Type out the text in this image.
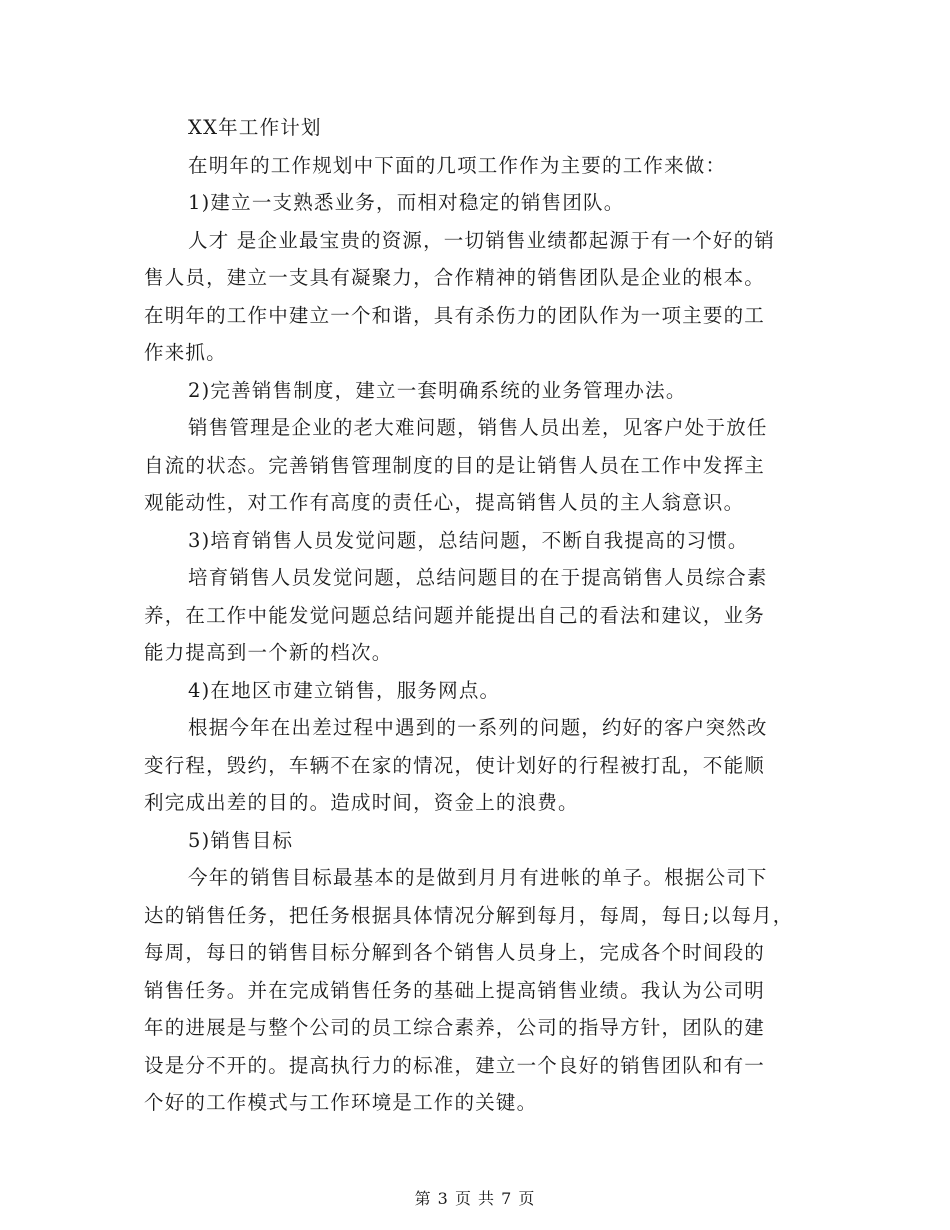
XX年工作计划
在明年的工作规划中下面的几项工作作为主要的工作来做：
1)建立一支熟悉业务，而相对稳定的销售团队。
人才 是企业最宝贵的资源，一切销售业绩都起源于有一个好的销
售人员，建立一支具有凝聚力，合作精神的销售团队是企业的根本。
在明年的工作中建立一个和谐，具有杀伤力的团队作为一项主要的工
作来抓。
2)完善销售制度，建立一套明确系统的业务管理办法。
销售管理是企业的老大难问题，销售人员出差，见客户处于放任
自流的状态。完善销售管理制度的目的是让销售人员在工作中发挥主
观能动性，对工作有高度的责任心，提高销售人员的主人翁意识。
3)培育销售人员发觉问题，总结问题，不断自我提高的习惯。
培育销售人员发觉问题，总结问题目的在于提高销售人员综合素
养，在工作中能发觉问题总结问题并能提出自己的看法和建议，业务
能力提高到一个新的档次。
4)在地区市建立销售，服务网点。
根据今年在出差过程中遇到的一系列的问题，约好的客户突然改
变行程，毁约，车辆不在家的情况，使计划好的行程被打乱，不能顺
利完成出差的目的。造成时间，资金上的浪费。
5)销售目标
今年的销售目标最基本的是做到月月有进帐的单子。根据公司下
达的销售任务，把任务根据具体情况分解到每月，每周，每日;以每月，
每周，每日的销售目标分解到各个销售人员身上，完成各个时间段的
销售任务。并在完成销售任务的基础上提高销售业绩。我认为公司明
年的进展是与整个公司的员工综合素养，公司的指导方针，团队的建
设是分不开的。提高执行力的标准，建立一个良好的销售团队和有一
个好的工作模式与工作环境是工作的关键。
第 3 页 共 7 页
